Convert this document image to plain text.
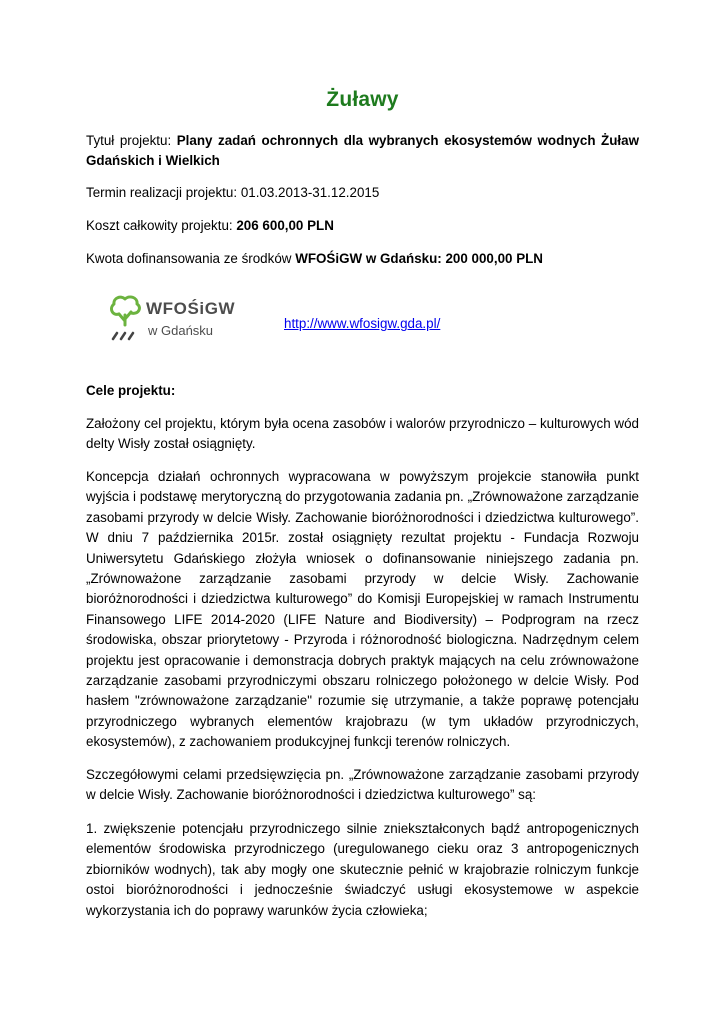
Żuławy

Tytuł projektu: Plany zadań ochronnych dla wybranych ekosystemów wodnych Żuław Gdańskich i Wielkich

Termin realizacji projektu: 01.03.2013-31.12.2015

Koszt całkowity projektu: 206 600,00 PLN

Kwota dofinansowania ze środków WFOŚiGW w Gdańsku: 200 000,00 PLN

WFOŚiGW
w Gdańsku	http://www.wfosigw.gda.pl/

Cele projektu:

Założony cel projektu, którym była ocena zasobów i walorów przyrodniczo – kulturowych wód delty Wisły został osiągnięty.

Koncepcja działań ochronnych wypracowana w powyższym projekcie stanowiła punkt wyjścia i podstawę merytoryczną do przygotowania zadania pn. „Zrównoważone zarządzanie zasobami przyrody w delcie Wisły. Zachowanie bioróżnorodności i dziedzictwa kulturowego”. W dniu 7 października 2015r. został osiągnięty rezultat projektu - Fundacja Rozwoju Uniwersytetu Gdańskiego złożyła wniosek o dofinansowanie niniejszego zadania pn. „Zrównoważone zarządzanie zasobami przyrody w delcie Wisły. Zachowanie bioróżnorodności i dziedzictwa kulturowego” do Komisji Europejskiej w ramach Instrumentu Finansowego LIFE 2014-2020 (LIFE Nature and Biodiversity) – Podprogram na rzecz środowiska, obszar priorytetowy - Przyroda i różnorodność biologiczna. Nadrzędnym celem projektu jest opracowanie i demonstracja dobrych praktyk mających na celu zrównoważone zarządzanie zasobami przyrodniczymi obszaru rolniczego położonego w delcie Wisły. Pod hasłem "zrównoważone zarządzanie" rozumie się utrzymanie, a także poprawę potencjału przyrodniczego wybranych elementów krajobrazu (w tym układów przyrodniczych, ekosystemów), z zachowaniem produkcyjnej funkcji terenów rolniczych.

Szczegółowymi celami przedsięwzięcia pn. „Zrównoważone zarządzanie zasobami przyrody w delcie Wisły. Zachowanie bioróżnorodności i dziedzictwa kulturowego” są:

1. zwiększenie potencjału przyrodniczego silnie zniekształconych bądź antropogenicznych elementów środowiska przyrodniczego (uregulowanego cieku oraz 3 antropogenicznych zbiorników wodnych), tak aby mogły one skutecznie pełnić w krajobrazie rolniczym funkcje ostoi bioróżnorodności i jednocześnie świadczyć usługi ekosystemowe w aspekcie wykorzystania ich do poprawy warunków życia człowieka;
